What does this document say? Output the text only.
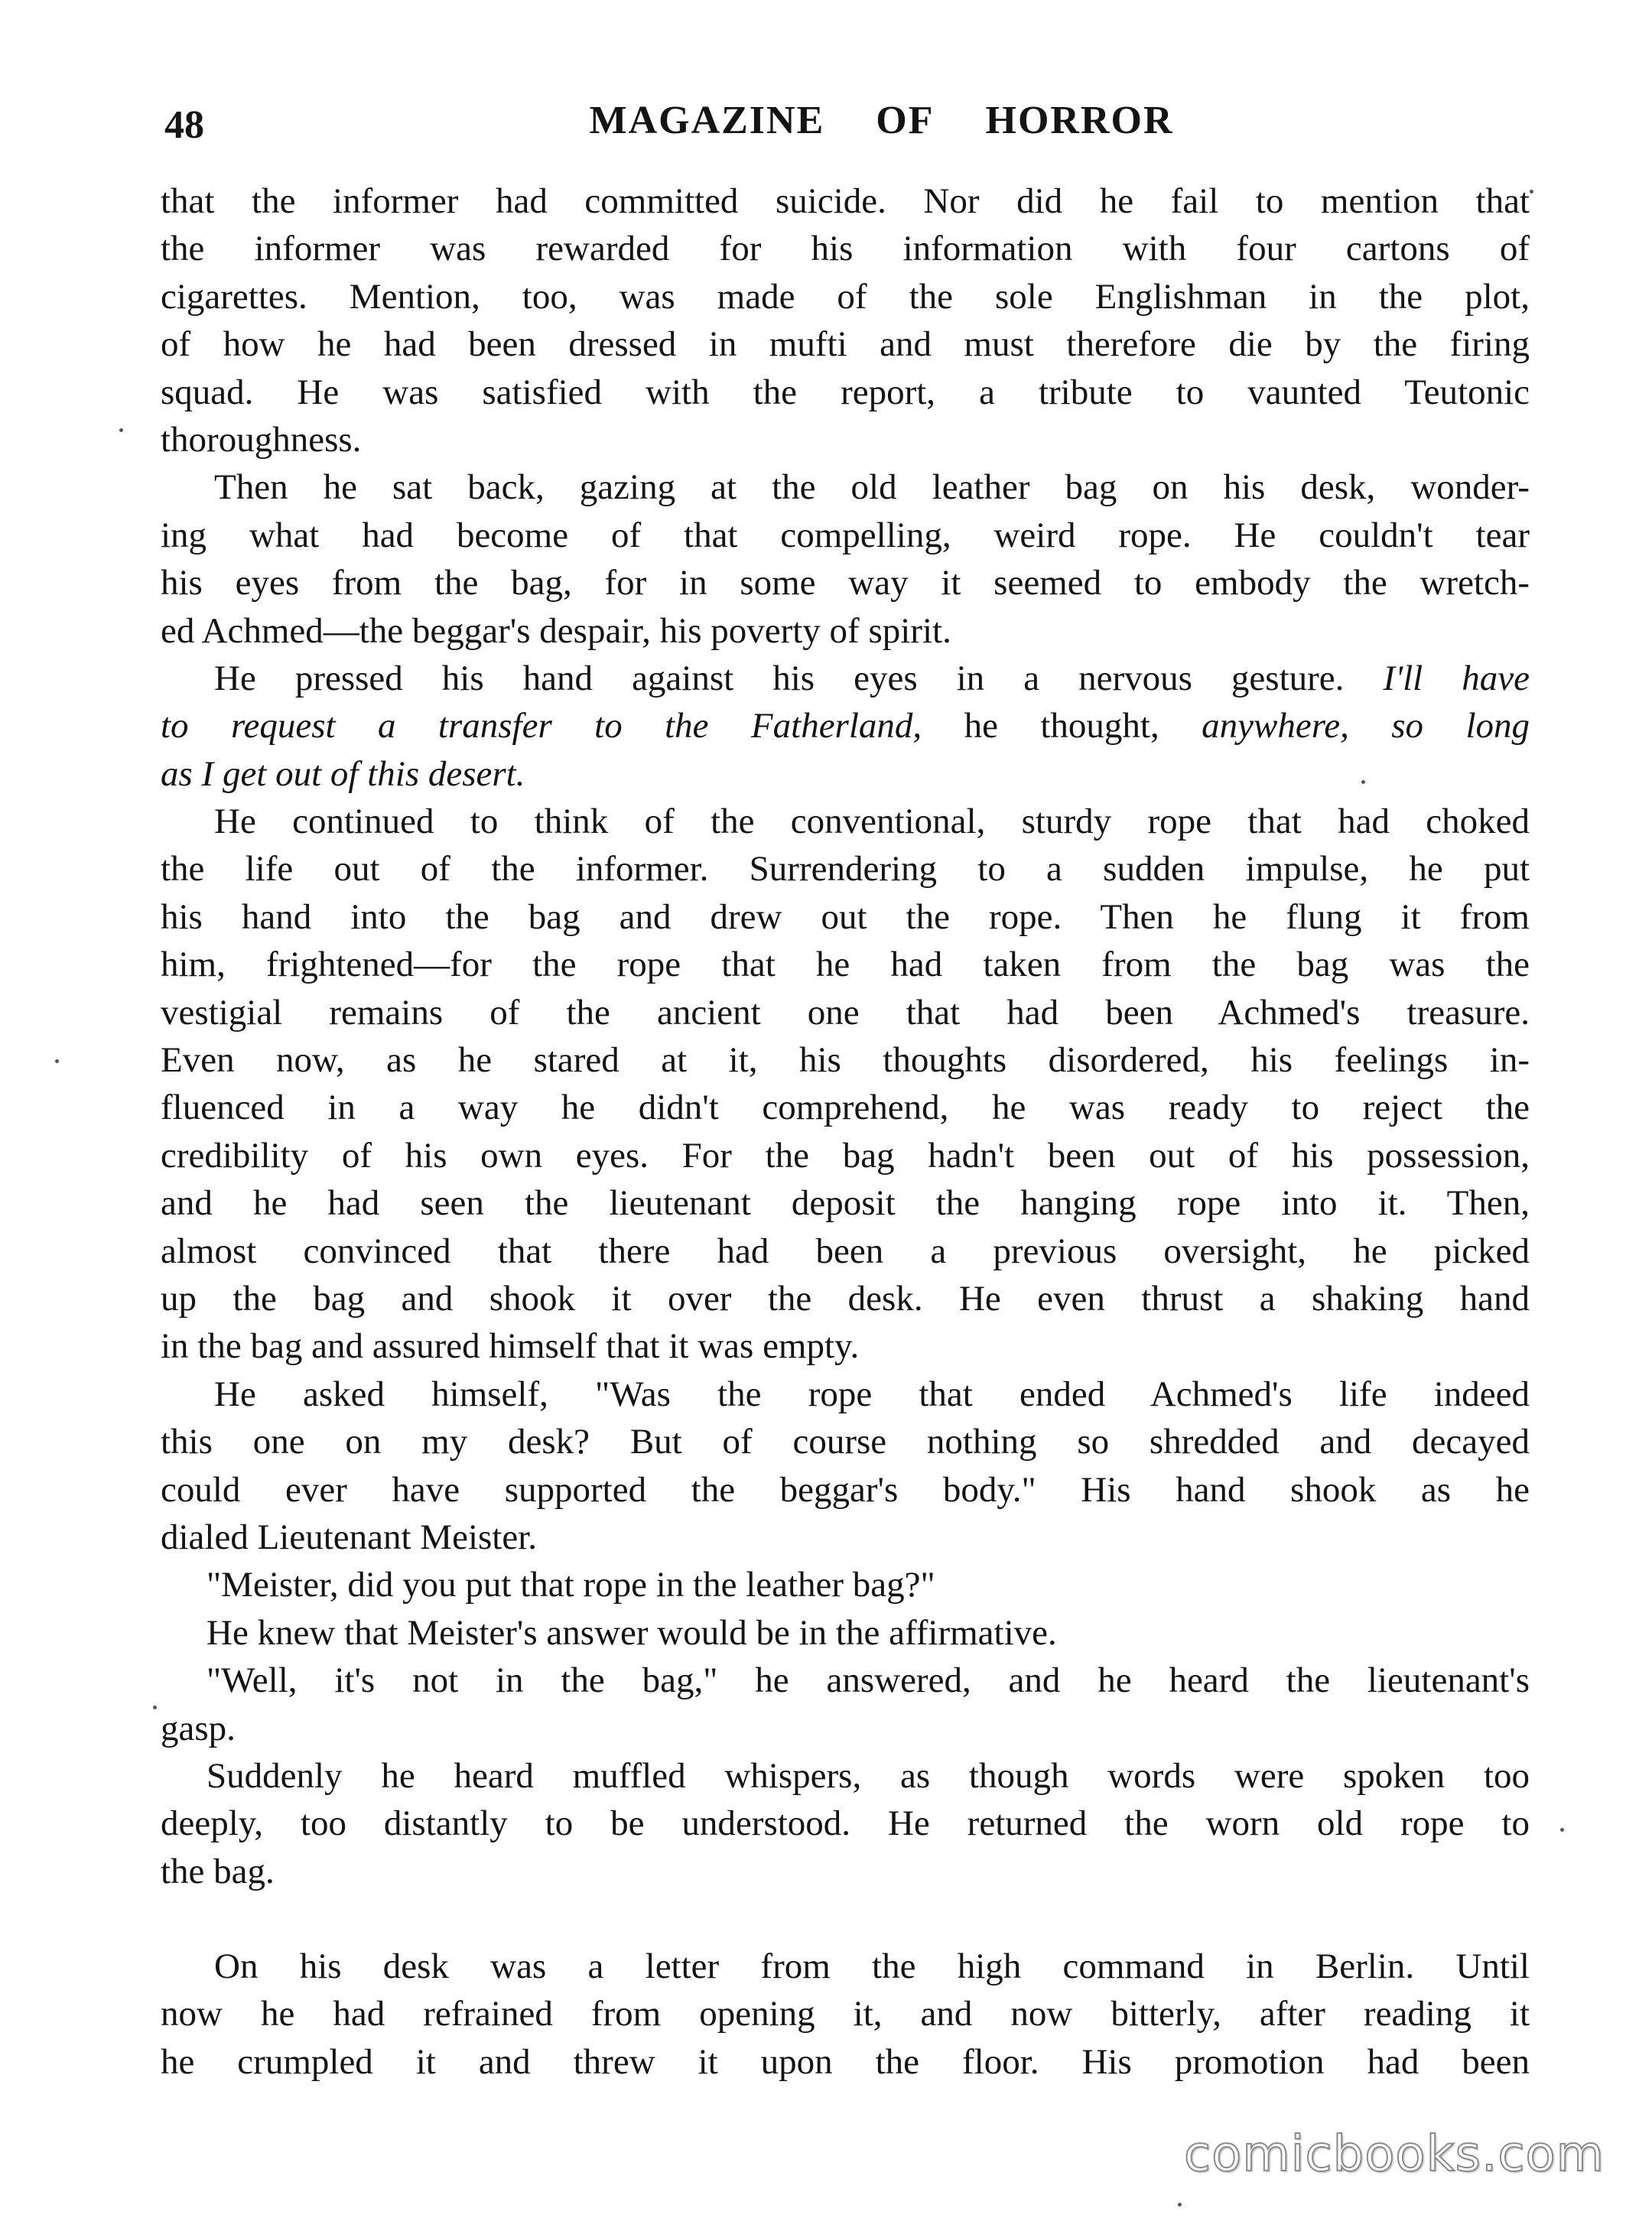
48	MAGAZINE OF HORROR
that the informer had committed suicide. Nor did he fail to mention that
the informer was rewarded for his information with four cartons of
cigarettes. Mention, too, was made of the sole Englishman in the plot,
of how he had been dressed in mufti and must therefore die by the firing
squad. He was satisfied with the report, a tribute to vaunted Teutonic
thoroughness.
Then he sat back, gazing at the old leather bag on his desk, wonder-
ing what had become of that compelling, weird rope. He couldn't tear
his eyes from the bag, for in some way it seemed to embody the wretch-
ed Achmed—the beggar's despair, his poverty of spirit.
He pressed his hand against his eyes in a nervous gesture. I'll have
to request a transfer to the Fatherland, he thought, anywhere, so long
as I get out of this desert.
He continued to think of the conventional, sturdy rope that had choked
the life out of the informer. Surrendering to a sudden impulse, he put
his hand into the bag and drew out the rope. Then he flung it from
him, frightened—for the rope that he had taken from the bag was the
vestigial remains of the ancient one that had been Achmed's treasure.
Even now, as he stared at it, his thoughts disordered, his feelings in-
fluenced in a way he didn't comprehend, he was ready to reject the
credibility of his own eyes. For the bag hadn't been out of his possession,
and he had seen the lieutenant deposit the hanging rope into it. Then,
almost convinced that there had been a previous oversight, he picked
up the bag and shook it over the desk. He even thrust a shaking hand
in the bag and assured himself that it was empty.
He asked himself, "Was the rope that ended Achmed's life indeed
this one on my desk? But of course nothing so shredded and decayed
could ever have supported the beggar's body." His hand shook as he
dialed Lieutenant Meister.
"Meister, did you put that rope in the leather bag?"
He knew that Meister's answer would be in the affirmative.
"Well, it's not in the bag," he answered, and he heard the lieutenant's
gasp.
Suddenly he heard muffled whispers, as though words were spoken too
deeply, too distantly to be understood. He returned the worn old rope to
the bag.
On his desk was a letter from the high command in Berlin. Until
now he had refrained from opening it, and now bitterly, after reading it
he crumpled it and threw it upon the floor. His promotion had been
comicbooks.com
